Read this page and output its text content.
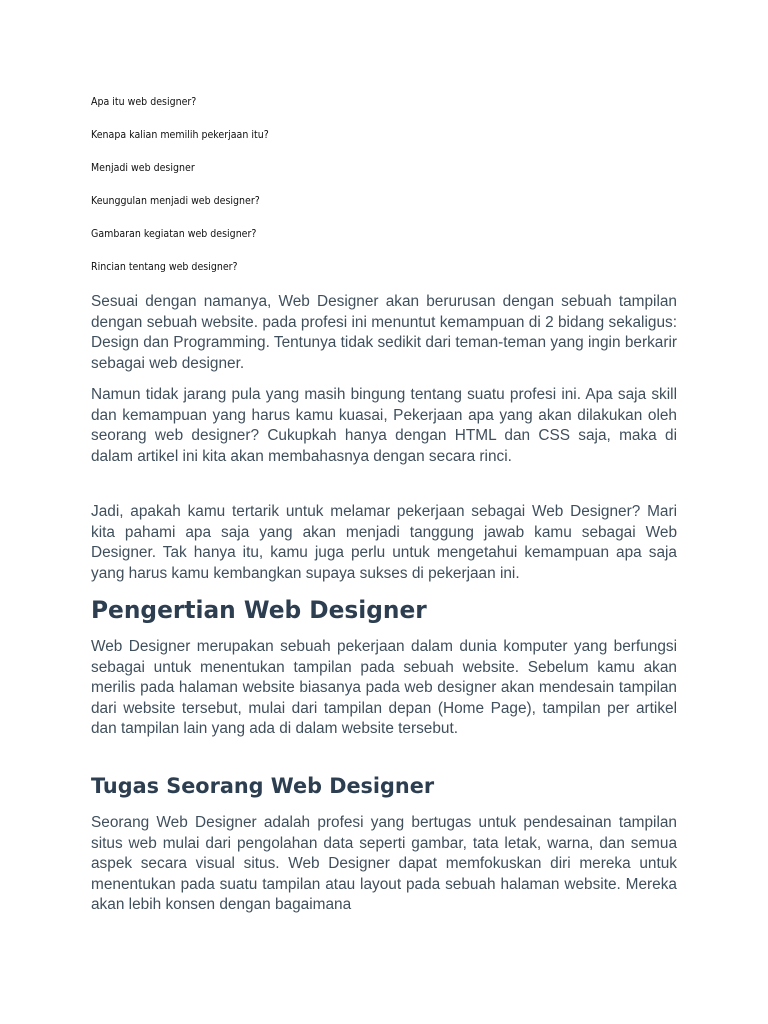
Apa itu web designer?

Kenapa kalian memilih pekerjaan itu?

Menjadi web designer

Keunggulan menjadi web designer?

Gambaran kegiatan web designer?

Rincian tentang web designer?

Sesuai dengan namanya, Web Designer akan berurusan dengan sebuah tampilan dengan sebuah website. pada profesi ini menuntut kemampuan di 2 bidang sekaligus: Design dan Programming. Tentunya tidak sedikit dari teman-teman yang ingin berkarir sebagai web designer.

Namun tidak jarang pula yang masih bingung tentang suatu profesi ini. Apa saja skill dan kemampuan yang harus kamu kuasai, Pekerjaan apa yang akan dilakukan oleh seorang web designer? Cukupkah hanya dengan HTML dan CSS saja, maka di dalam artikel ini kita akan membahasnya dengan secara rinci.

Jadi, apakah kamu tertarik untuk melamar pekerjaan sebagai Web Designer? Mari kita pahami apa saja yang akan menjadi tanggung jawab kamu sebagai Web Designer. Tak hanya itu, kamu juga perlu untuk mengetahui kemampuan apa saja yang harus kamu kembangkan supaya sukses di pekerjaan ini.

Pengertian Web Designer

Web Designer merupakan sebuah pekerjaan dalam dunia komputer yang berfungsi sebagai untuk menentukan tampilan pada sebuah website. Sebelum kamu akan merilis pada halaman website biasanya pada web designer akan mendesain tampilan dari website tersebut, mulai dari tampilan depan (Home Page), tampilan per artikel dan tampilan lain yang ada di dalam website tersebut.

Tugas Seorang Web Designer

Seorang Web Designer adalah profesi yang bertugas untuk pendesainan tampilan situs web mulai dari pengolahan data seperti gambar, tata letak, warna, dan semua aspek secara visual situs. Web Designer dapat memfokuskan diri mereka untuk menentukan pada suatu tampilan atau layout pada sebuah halaman website. Mereka akan lebih konsen dengan bagaimana
